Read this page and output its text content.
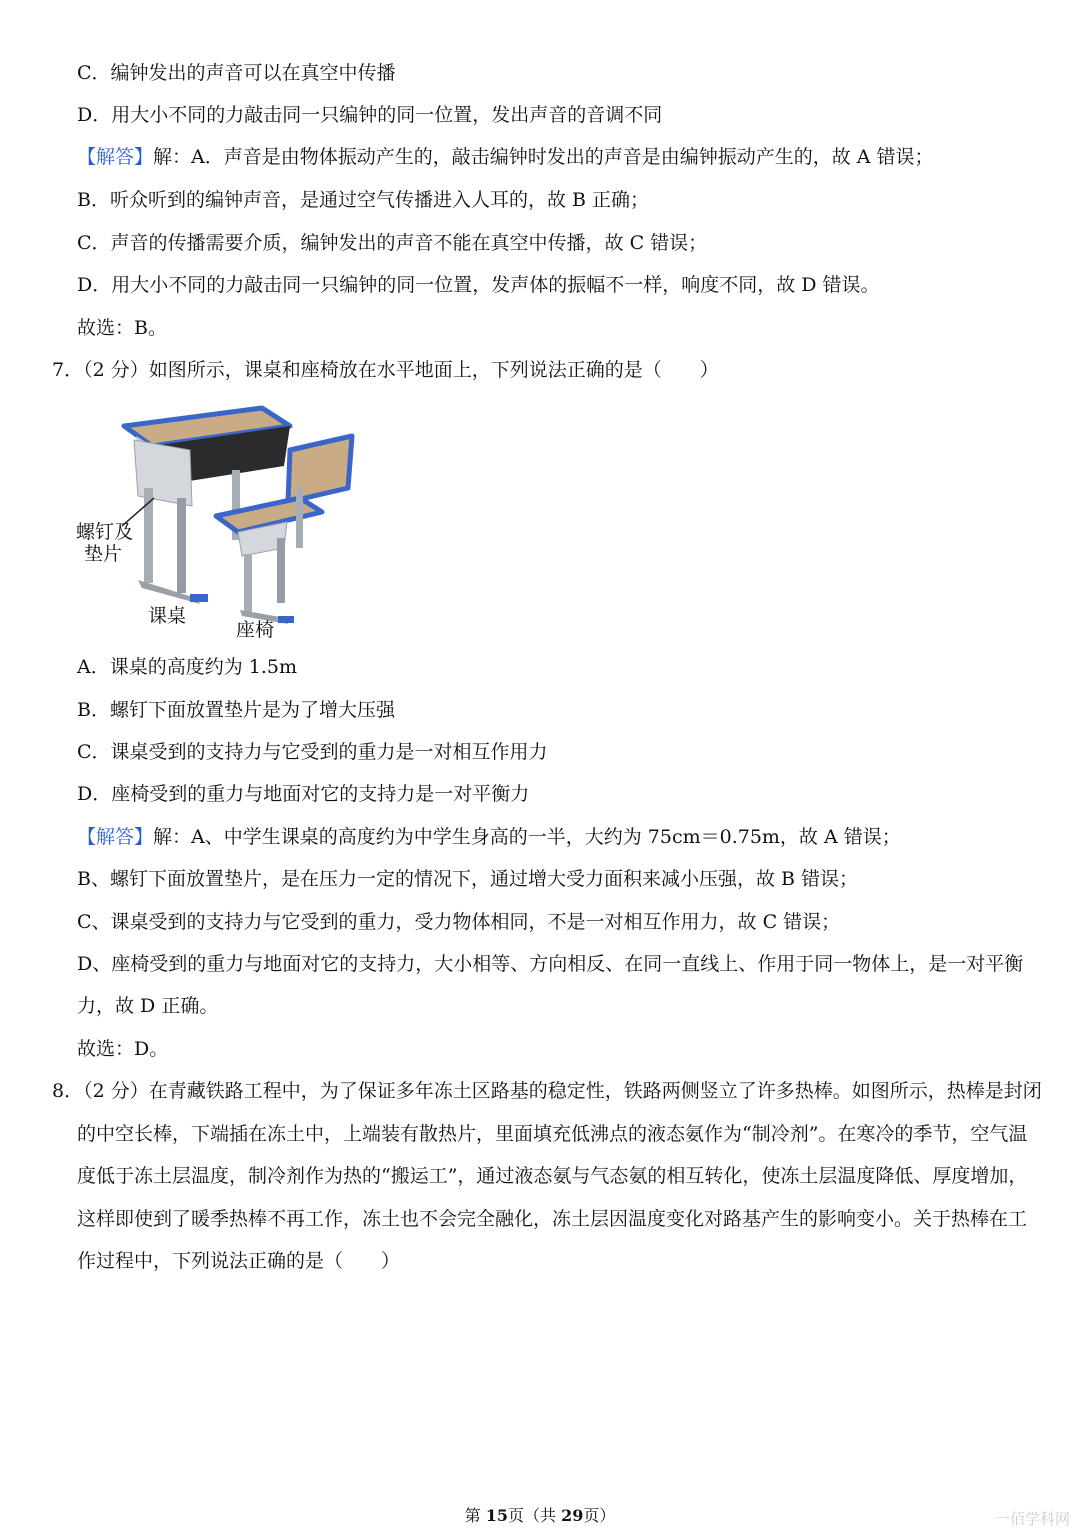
C．编钟发出的声音可以在真空中传播
D．用大小不同的力敲击同一只编钟的同一位置，发出声音的音调不同
【解答】解：A．声音是由物体振动产生的，敲击编钟时发出的声音是由编钟振动产生的，故 A 错误；
B．听众听到的编钟声音，是通过空气传播进入人耳的，故 B 正确；
C．声音的传播需要介质，编钟发出的声音不能在真空中传播，故 C 错误；
D．用大小不同的力敲击同一只编钟的同一位置，发声体的振幅不一样，响度不同，故 D 错误。
故选：B。
7．（2 分）如图所示，课桌和座椅放在水平地面上，下列说法正确的是（　　）
螺钉及
垫片
课桌
座椅
A．课桌的高度约为 1.5m
B．螺钉下面放置垫片是为了增大压强
C．课桌受到的支持力与它受到的重力是一对相互作用力
D．座椅受到的重力与地面对它的支持力是一对平衡力
【解答】解：A、中学生课桌的高度约为中学生身高的一半，大约为 75cm＝0.75m，故 A 错误；
B、螺钉下面放置垫片，是在压力一定的情况下，通过增大受力面积来减小压强，故 B 错误；
C、课桌受到的支持力与它受到的重力，受力物体相同，不是一对相互作用力，故 C 错误；
D、座椅受到的重力与地面对它的支持力，大小相等、方向相反、在同一直线上、作用于同一物体上，是一对平衡
力，故 D 正确。
故选：D。
8．（2 分）在青藏铁路工程中，为了保证多年冻土区路基的稳定性，铁路两侧竖立了许多热棒。如图所示，热棒是封闭
的中空长棒，下端插在冻土中，上端装有散热片，里面填充低沸点的液态氨作为“制冷剂”。在寒冷的季节，空气温
度低于冻土层温度，制冷剂作为热的“搬运工”，通过液态氨与气态氨的相互转化，使冻土层温度降低、厚度增加，
这样即使到了暖季热棒不再工作，冻土也不会完全融化，冻土层因温度变化对路基产生的影响变小。关于热棒在工
作过程中，下列说法正确的是（　　）
第 15页（共 29页）	一佰学科网
